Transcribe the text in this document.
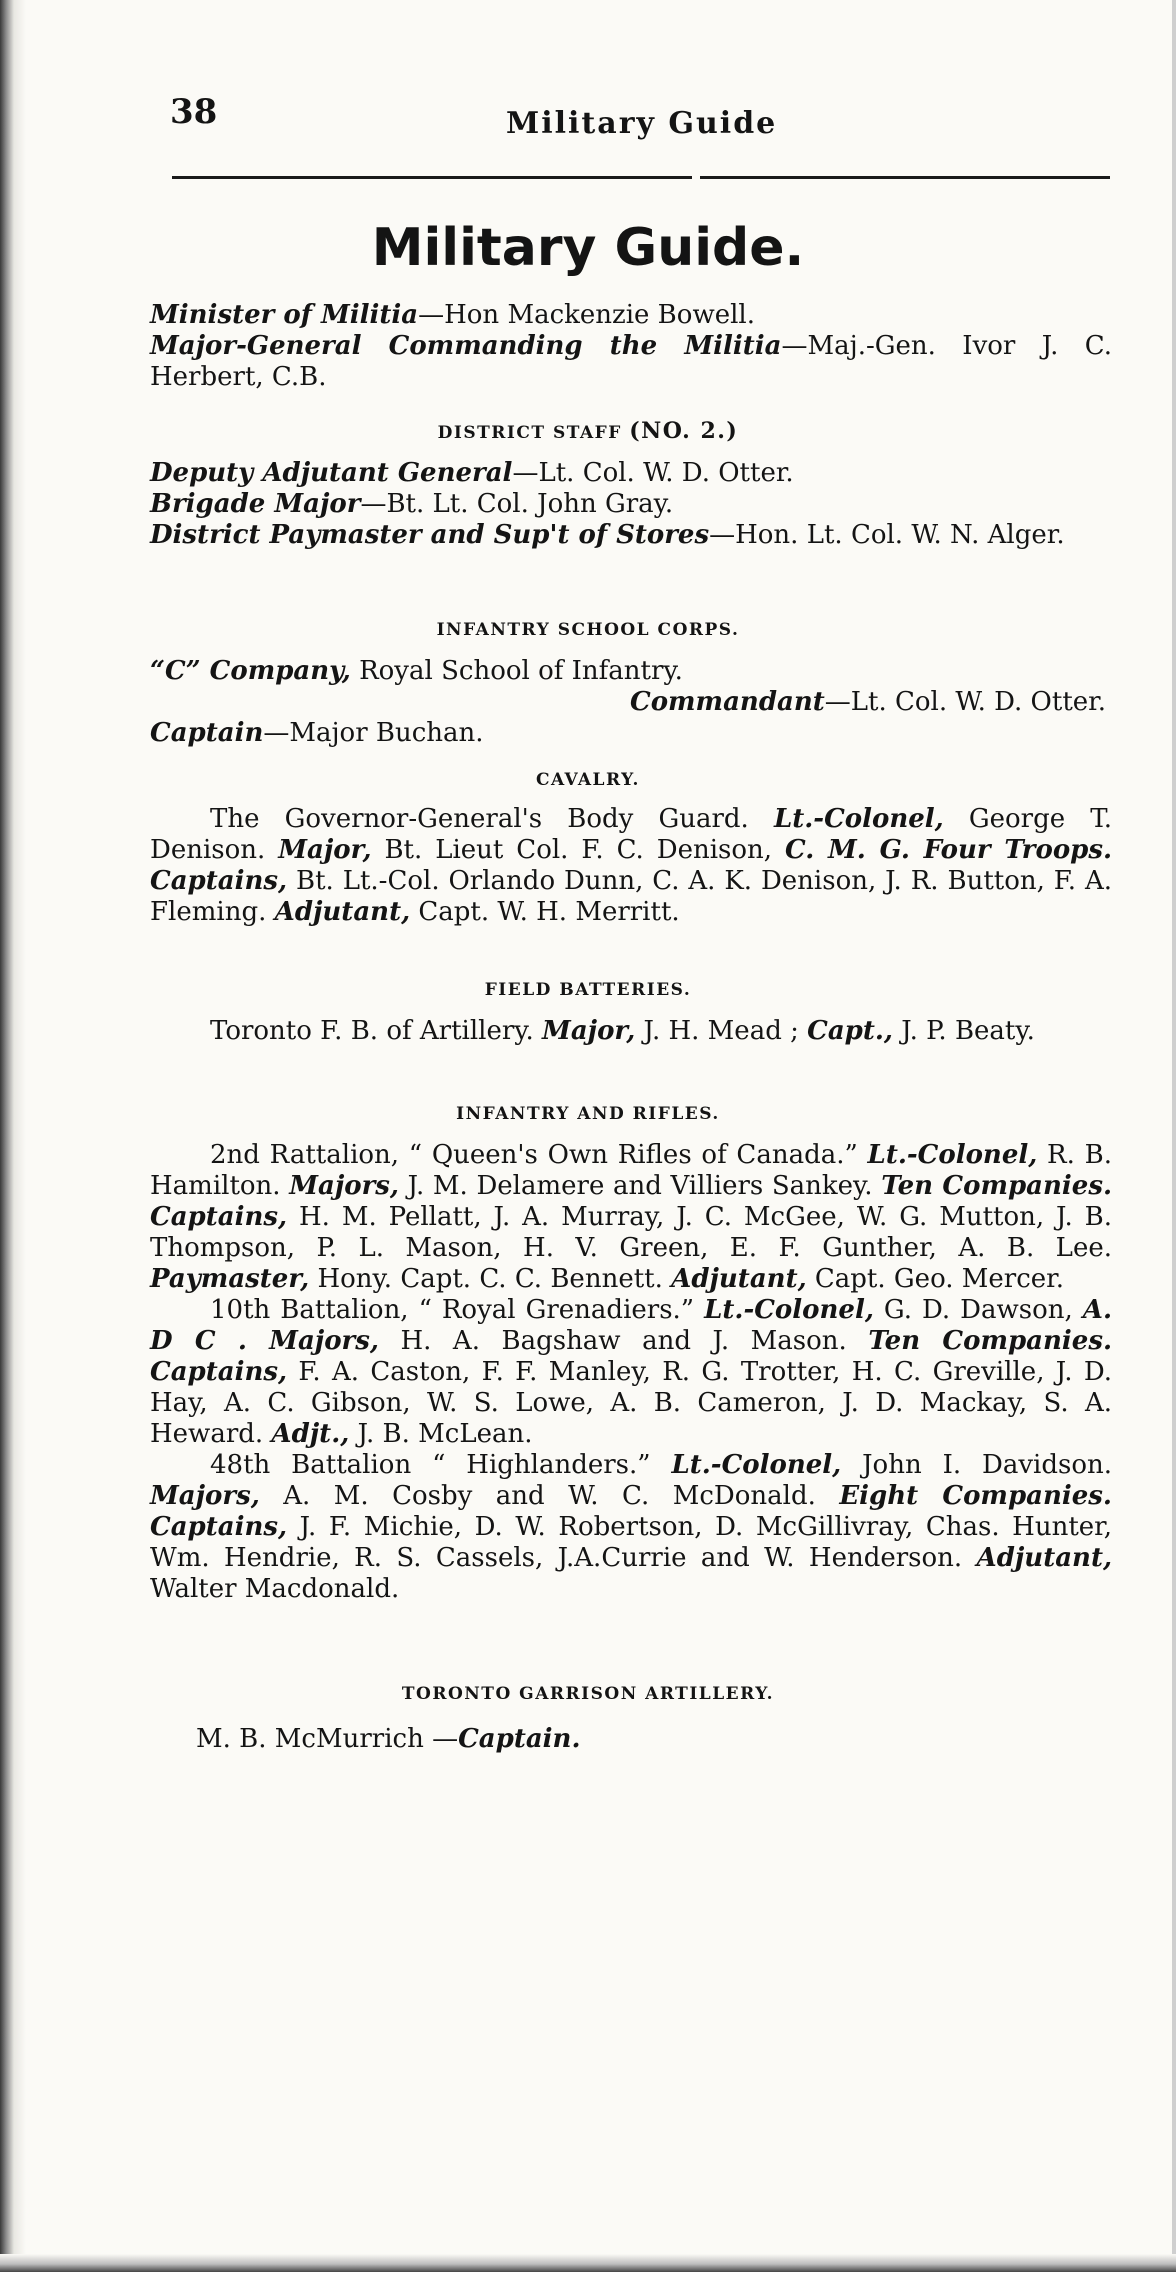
38	Military Guide
Military Guide.

Minister of Militia—Hon Mackenzie Bowell.

Major-General Commanding the Militia—Maj.-Gen. Ivor J. C. Herbert, C.B.

DISTRICT STAFF (NO. 2.)

Deputy Adjutant General—Lt. Col. W. D. Otter.

Brigade Major—Bt. Lt. Col. John Gray.

District Paymaster and Sup't of Stores—Hon. Lt. Col. W. N. Alger.

INFANTRY SCHOOL CORPS.

“C” Company, Royal School of Infantry.

Commandant—Lt. Col. W. D. Otter.
Captain—Major Buchan.
CAVALRY.

The Governor-General's Body Guard. Lt.-Colonel, George T. Denison. Major, Bt. Lieut Col. F. C. Denison, C. M. G. Four Troops. Captains, Bt. Lt.-Col. Orlando Dunn, C. A. K. Denison, J. R. Button, F. A. Fleming. Adjutant, Capt. W. H. Merritt.

FIELD BATTERIES.

Toronto F. B. of Artillery. Major, J. H. Mead ; Capt., J. P. Beaty.

INFANTRY AND RIFLES.

2nd Rattalion, “ Queen's Own Rifles of Canada.” Lt.-Colonel, R. B. Hamilton. Majors, J. M. Delamere and Villiers Sankey. Ten Companies. Captains, H. M. Pellatt, J. A. Murray, J. C. McGee, W. G. Mutton, J. B. Thompson, P. L. Mason, H. V. Green, E. F. Gunther, A. B. Lee. Paymaster, Hony. Capt. C. C. Bennett. Adjutant, Capt. Geo. Mercer.

10th Battalion, “ Royal Grenadiers.” Lt.-Colonel, G. D. Dawson, A. D C . Majors, H. A. Bagshaw and J. Mason. Ten Companies. Captains, F. A. Caston, F. F. Manley, R. G. Trotter, H. C. Greville, J. D. Hay, A. C. Gibson, W. S. Lowe, A. B. Cameron, J. D. Mackay, S. A. Heward. Adjt., J. B. McLean.

48th Battalion “ Highlanders.” Lt.-Colonel, John I. Davidson. Majors, A. M. Cosby and W. C. McDonald. Eight Companies. Captains, J. F. Michie, D. W. Robertson, D. McGillivray, Chas. Hunter, Wm. Hendrie, R. S. Cassels, J.A.Currie and W. Henderson. Adjutant, Walter Macdonald.

TORONTO GARRISON ARTILLERY.

M. B. McMurrich —Captain.
